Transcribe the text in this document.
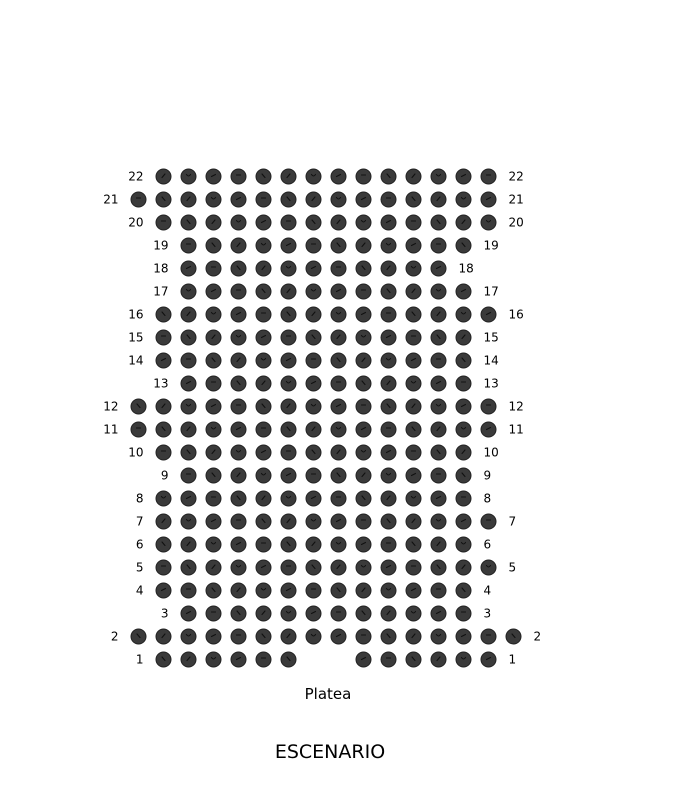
22	22
21	21
20	20
19	19
18	18
17	17
16	16
15	15
14	14
13	13
12	12
11	11
10	10
9	9
8	8
7	7
6	6
5	5
4	4
3	3
2	2
1	1
Platea
ESCENARIO
